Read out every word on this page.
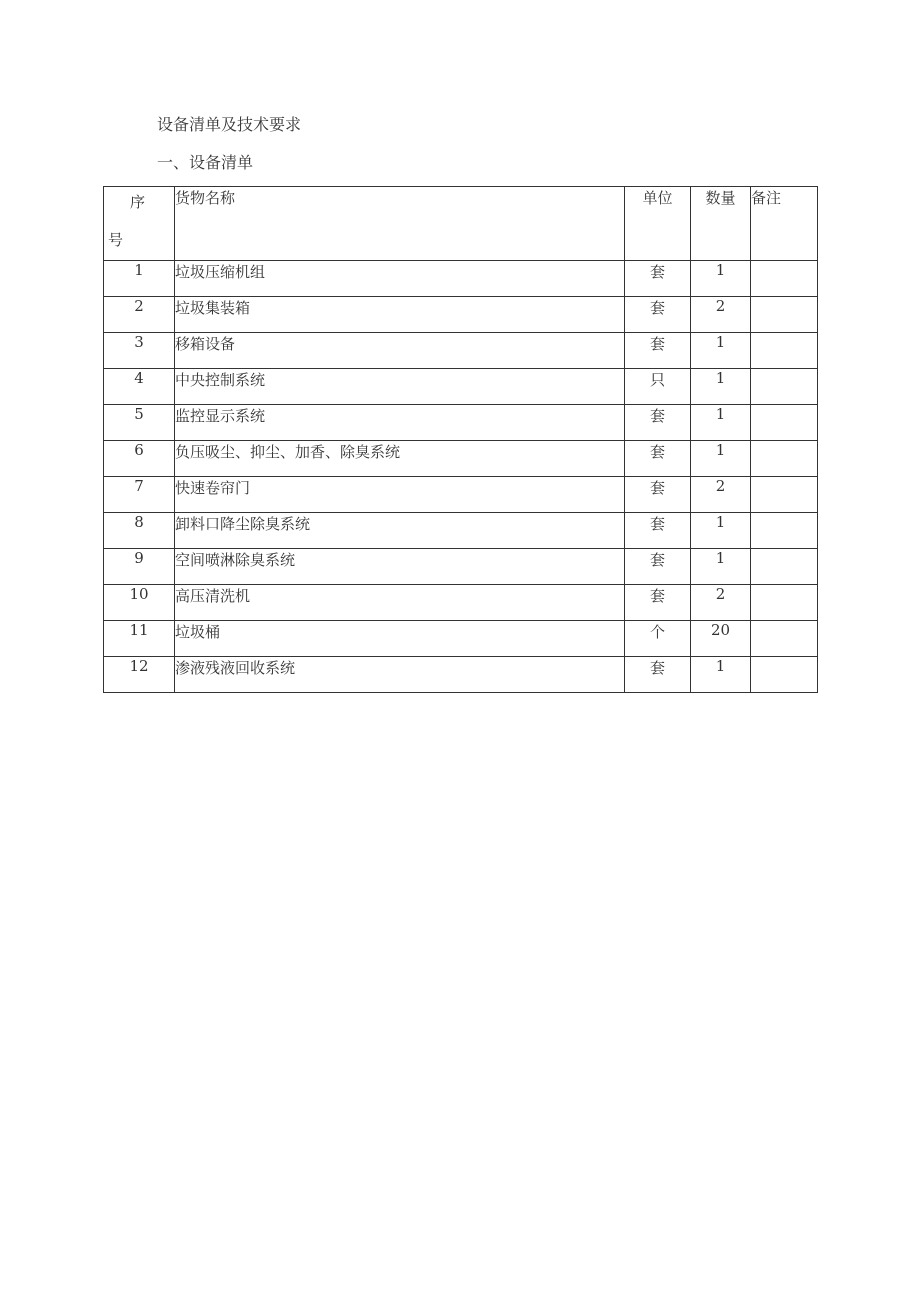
设备清单及技术要求
一、设备清单
序
号	货物名称	单位	数量	备注
1	垃圾压缩机组	套	1	
2	垃圾集装箱	套	2	
3	移箱设备	套	1	
4	中央控制系统	只	1	
5	监控显示系统	套	1	
6	负压吸尘、抑尘、加香、除臭系统	套	1	
7	快速卷帘门	套	2	
8	卸料口降尘除臭系统	套	1	
9	空间喷淋除臭系统	套	1	
10	高压清洗机	套	2	
11	垃圾桶	个	20	
12	渗液残液回收系统	套	1	
